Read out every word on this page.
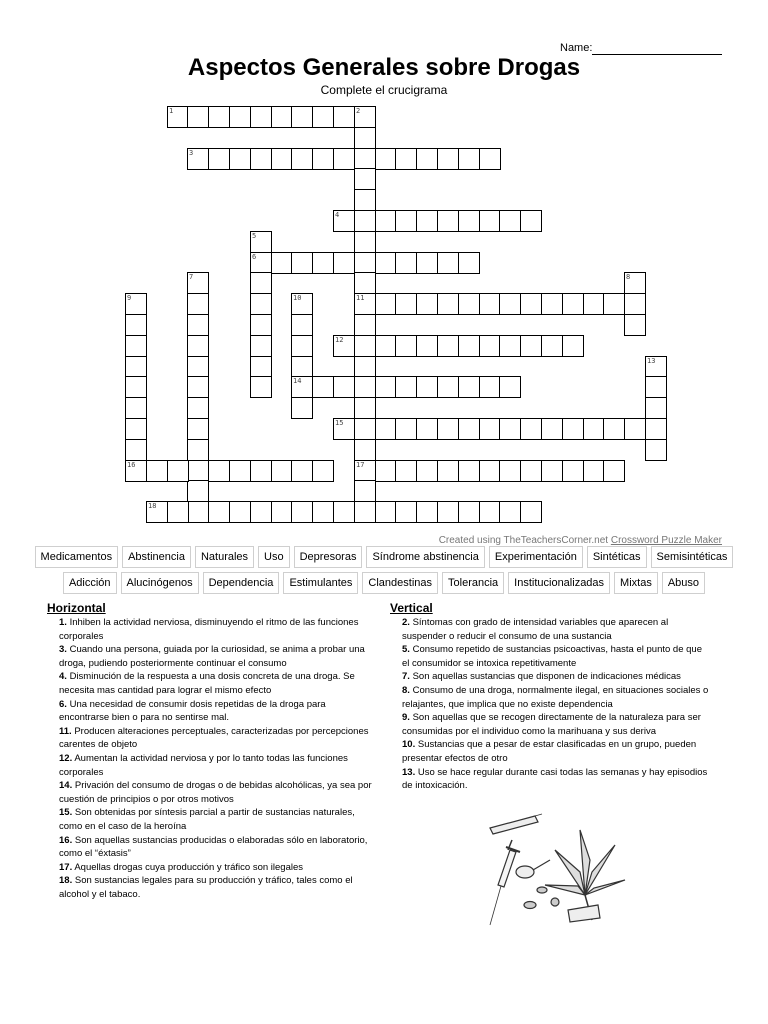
Name:
Aspectos Generales sobre Drogas
Complete el crucigrama
1	2
11
17
3
4
5
6
7	8
9	10
14
12
13
15
16
18
Created using TheTeachersCorner.net Crossword Puzzle Maker
Medicamentos	Abstinencia	Naturales	Uso	Depresoras	Síndrome abstinencia	Experimentación	Sintéticas	Semisintéticas
Adicción	Alucinógenos	Dependencia	Estimulantes	Clandestinas	Tolerancia	Institucionalizadas	Mixtas	Abuso
Horizontal
1. Inhiben la actividad nerviosa, disminuyendo el ritmo de las funciones corporales
3. Cuando una persona, guiada por la curiosidad, se anima a probar una droga, pudiendo posteriormente continuar el consumo
4. Disminución de la respuesta a una dosis concreta de una droga. Se necesita mas cantidad para lograr el mismo efecto
6. Una necesidad de consumir dosis repetidas de la droga para encontrarse bien o para no sentirse mal.
11. Producen alteraciones perceptuales, caracterizadas por percepciones carentes de objeto
12. Aumentan la actividad nerviosa y por lo tanto todas las funciones corporales
14. Privación del consumo de drogas o de bebidas alcohólicas, ya sea por cuestión de principios o por otros motivos
15. Son obtenidas por síntesis parcial a partir de sustancias naturales, como en el caso de la heroína
16. Son aquellas sustancias producidas o elaboradas sólo en laboratorio, como el “éxtasis”
17. Aquellas drogas cuya producción y tráfico son ilegales
18. Son sustancias legales para su producción y tráfico, tales como el alcohol y el tabaco.
Vertical
2. Síntomas con grado de intensidad variables que aparecen al suspender o reducir el consumo de una sustancia
5. Consumo repetido de sustancias psicoactivas, hasta el punto de que el consumidor se intoxica repetitivamente
7. Son aquellas sustancias que disponen de indicaciones médicas
8. Consumo de una droga, normalmente ilegal, en situaciones sociales o relajantes, que implica que no existe dependencia
9. Son aquellas que se recogen directamente de la naturaleza para ser consumidas por el individuo como la marihuana y sus deriva
10. Sustancias que a pesar de estar clasificadas en un grupo, pueden presentar efectos de otro
13. Uso se hace regular durante casi todas las semanas y hay episodios de intoxicación.
